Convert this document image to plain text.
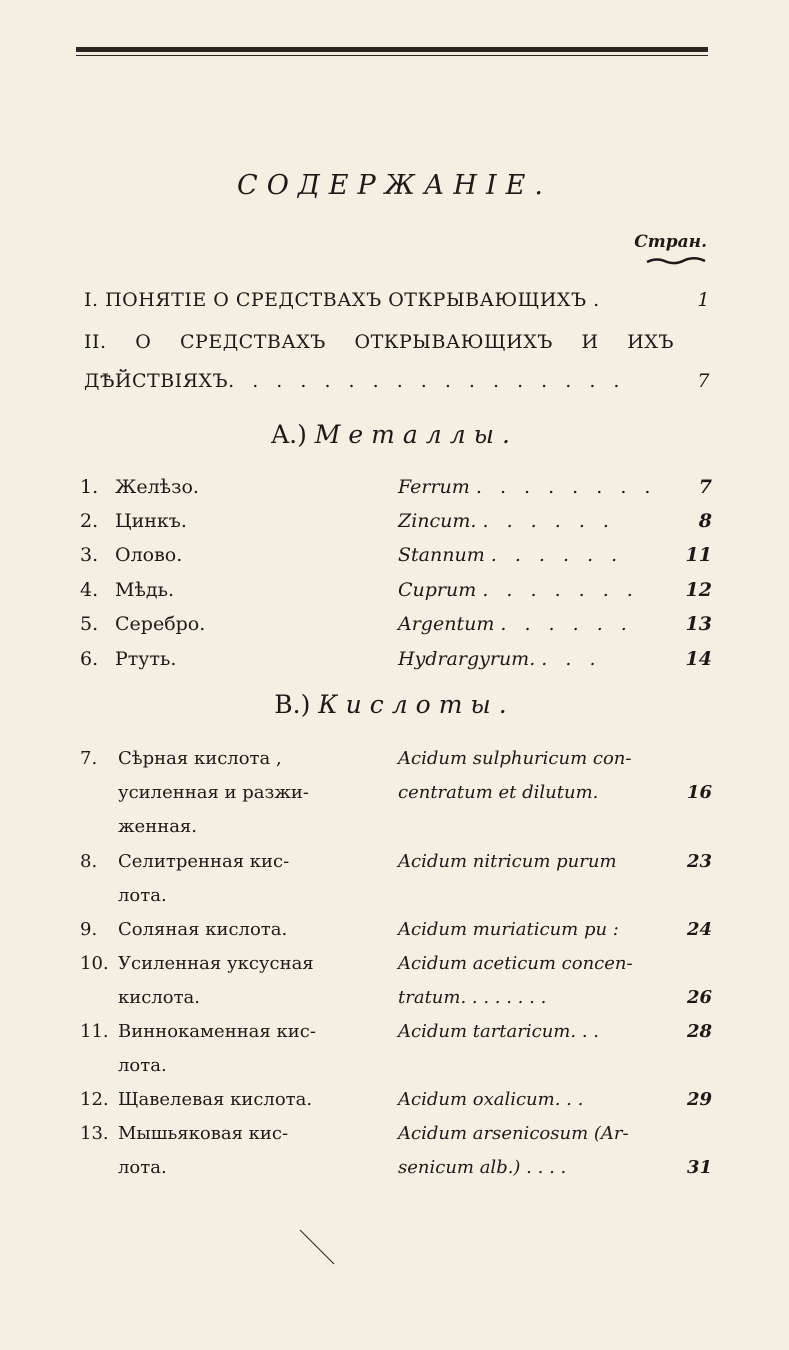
СОДЕРЖАНIЕ.
Стран.
I. ПОНЯТIЕ О СРЕДСТВАХЪ ОТКРЫВАЮЩИХЪ .	1
II. О СРЕДСТВАХЪ ОТКРЫВАЮЩИХЪ И ИХЪ
ДѢЙСТВIЯХЪ. . . . . . . . . . . . . . . . .	7
A.) Металлы.
1. Желѣзо.	Ferrum . . . . . . . .	7
2. Цинкъ.	Zincum. . . . . . .	8
3. Олово.	Stannum . . . . . .	11
4. Мѣдь.	Cuprum . . . . . . .	12
5. Серебро.	Argentum . . . . . .	13
6. Ртуть.	Hydrargyrum. . . .	14
B.) Кислоты.
7.	Сѣрная кислота ,
усиленная и разжи-
женная.
Acidum sulphuricum con-
centratum et dilutum.	16
8.	Селитренная кис-
лота.
Acidum nitricum purum	23
9.	Соляная кислота.	Acidum muriaticum pu :	24
10. Усиленная уксусная
кислота.
Acidum aceticum concen-
tratum. . . . . . . .	26
11. Виннокаменная кис-
лота.
Acidum tartaricum. . .	28
12. Щавелевая кислота.	Acidum oxalicum. . .	29
13. Мышьяковая кис-
лота.
Acidum arsenicosum (Ar-
senicum alb.) . . . .	31
